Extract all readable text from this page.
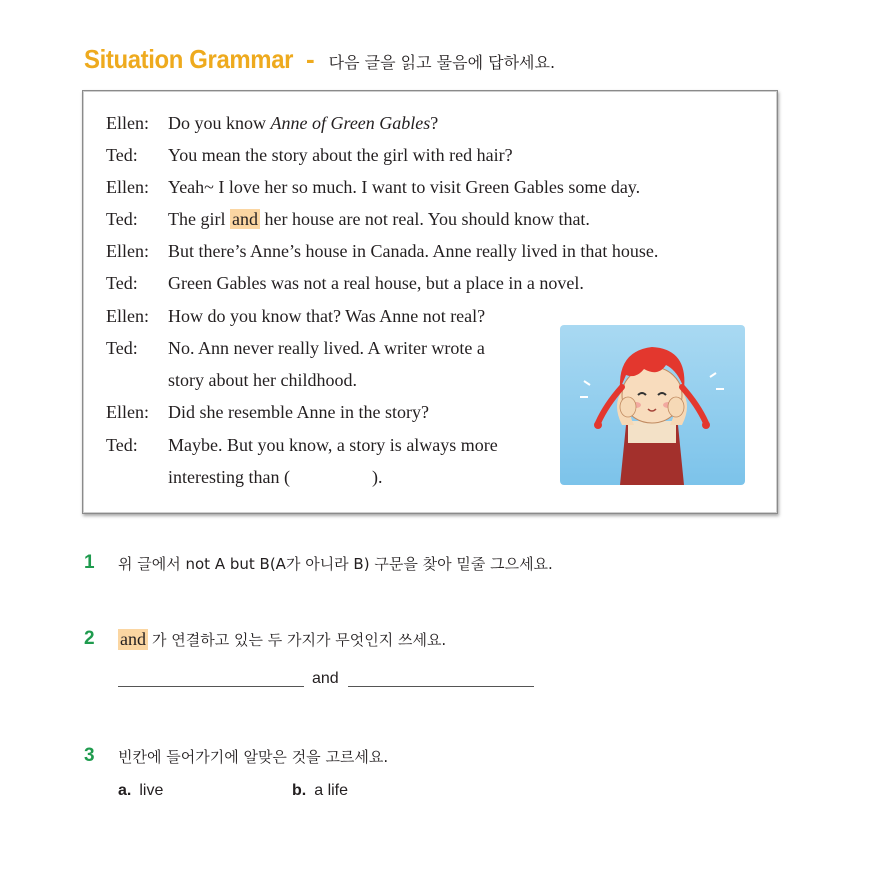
Situation Grammar - 다음 글을 읽고 물음에 답하세요.
Ellen: Do you know Anne of Green Gables?
Ted: You mean the story about the girl with red hair?
Ellen: Yeah~ I love her so much. I want to visit Green Gables some day.
Ted: The girl and her house are not real. You should know that.
Ellen: But there’s Anne’s house in Canada. Anne really lived in that house.
Ted: Green Gables was not a real house, but a place in a novel.
Ellen: How do you know that? Was Anne not real?
Ted: No. Ann never really lived. A writer wrote a
story about her childhood.
Ellen: Did she resemble Anne in the story?
Ted: Maybe. But you know, a story is always more
interesting than (	).
1	위 글에서 not A but B(A가 아니라 B) 구문을 찾아 밑줄 그으세요.
2	and 가 연결하고 있는 두 가지가 무엇인지 쓰세요.
and
3	빈칸에 들어가기에 알맞은 것을 고르세요.
a. live	b. a life
